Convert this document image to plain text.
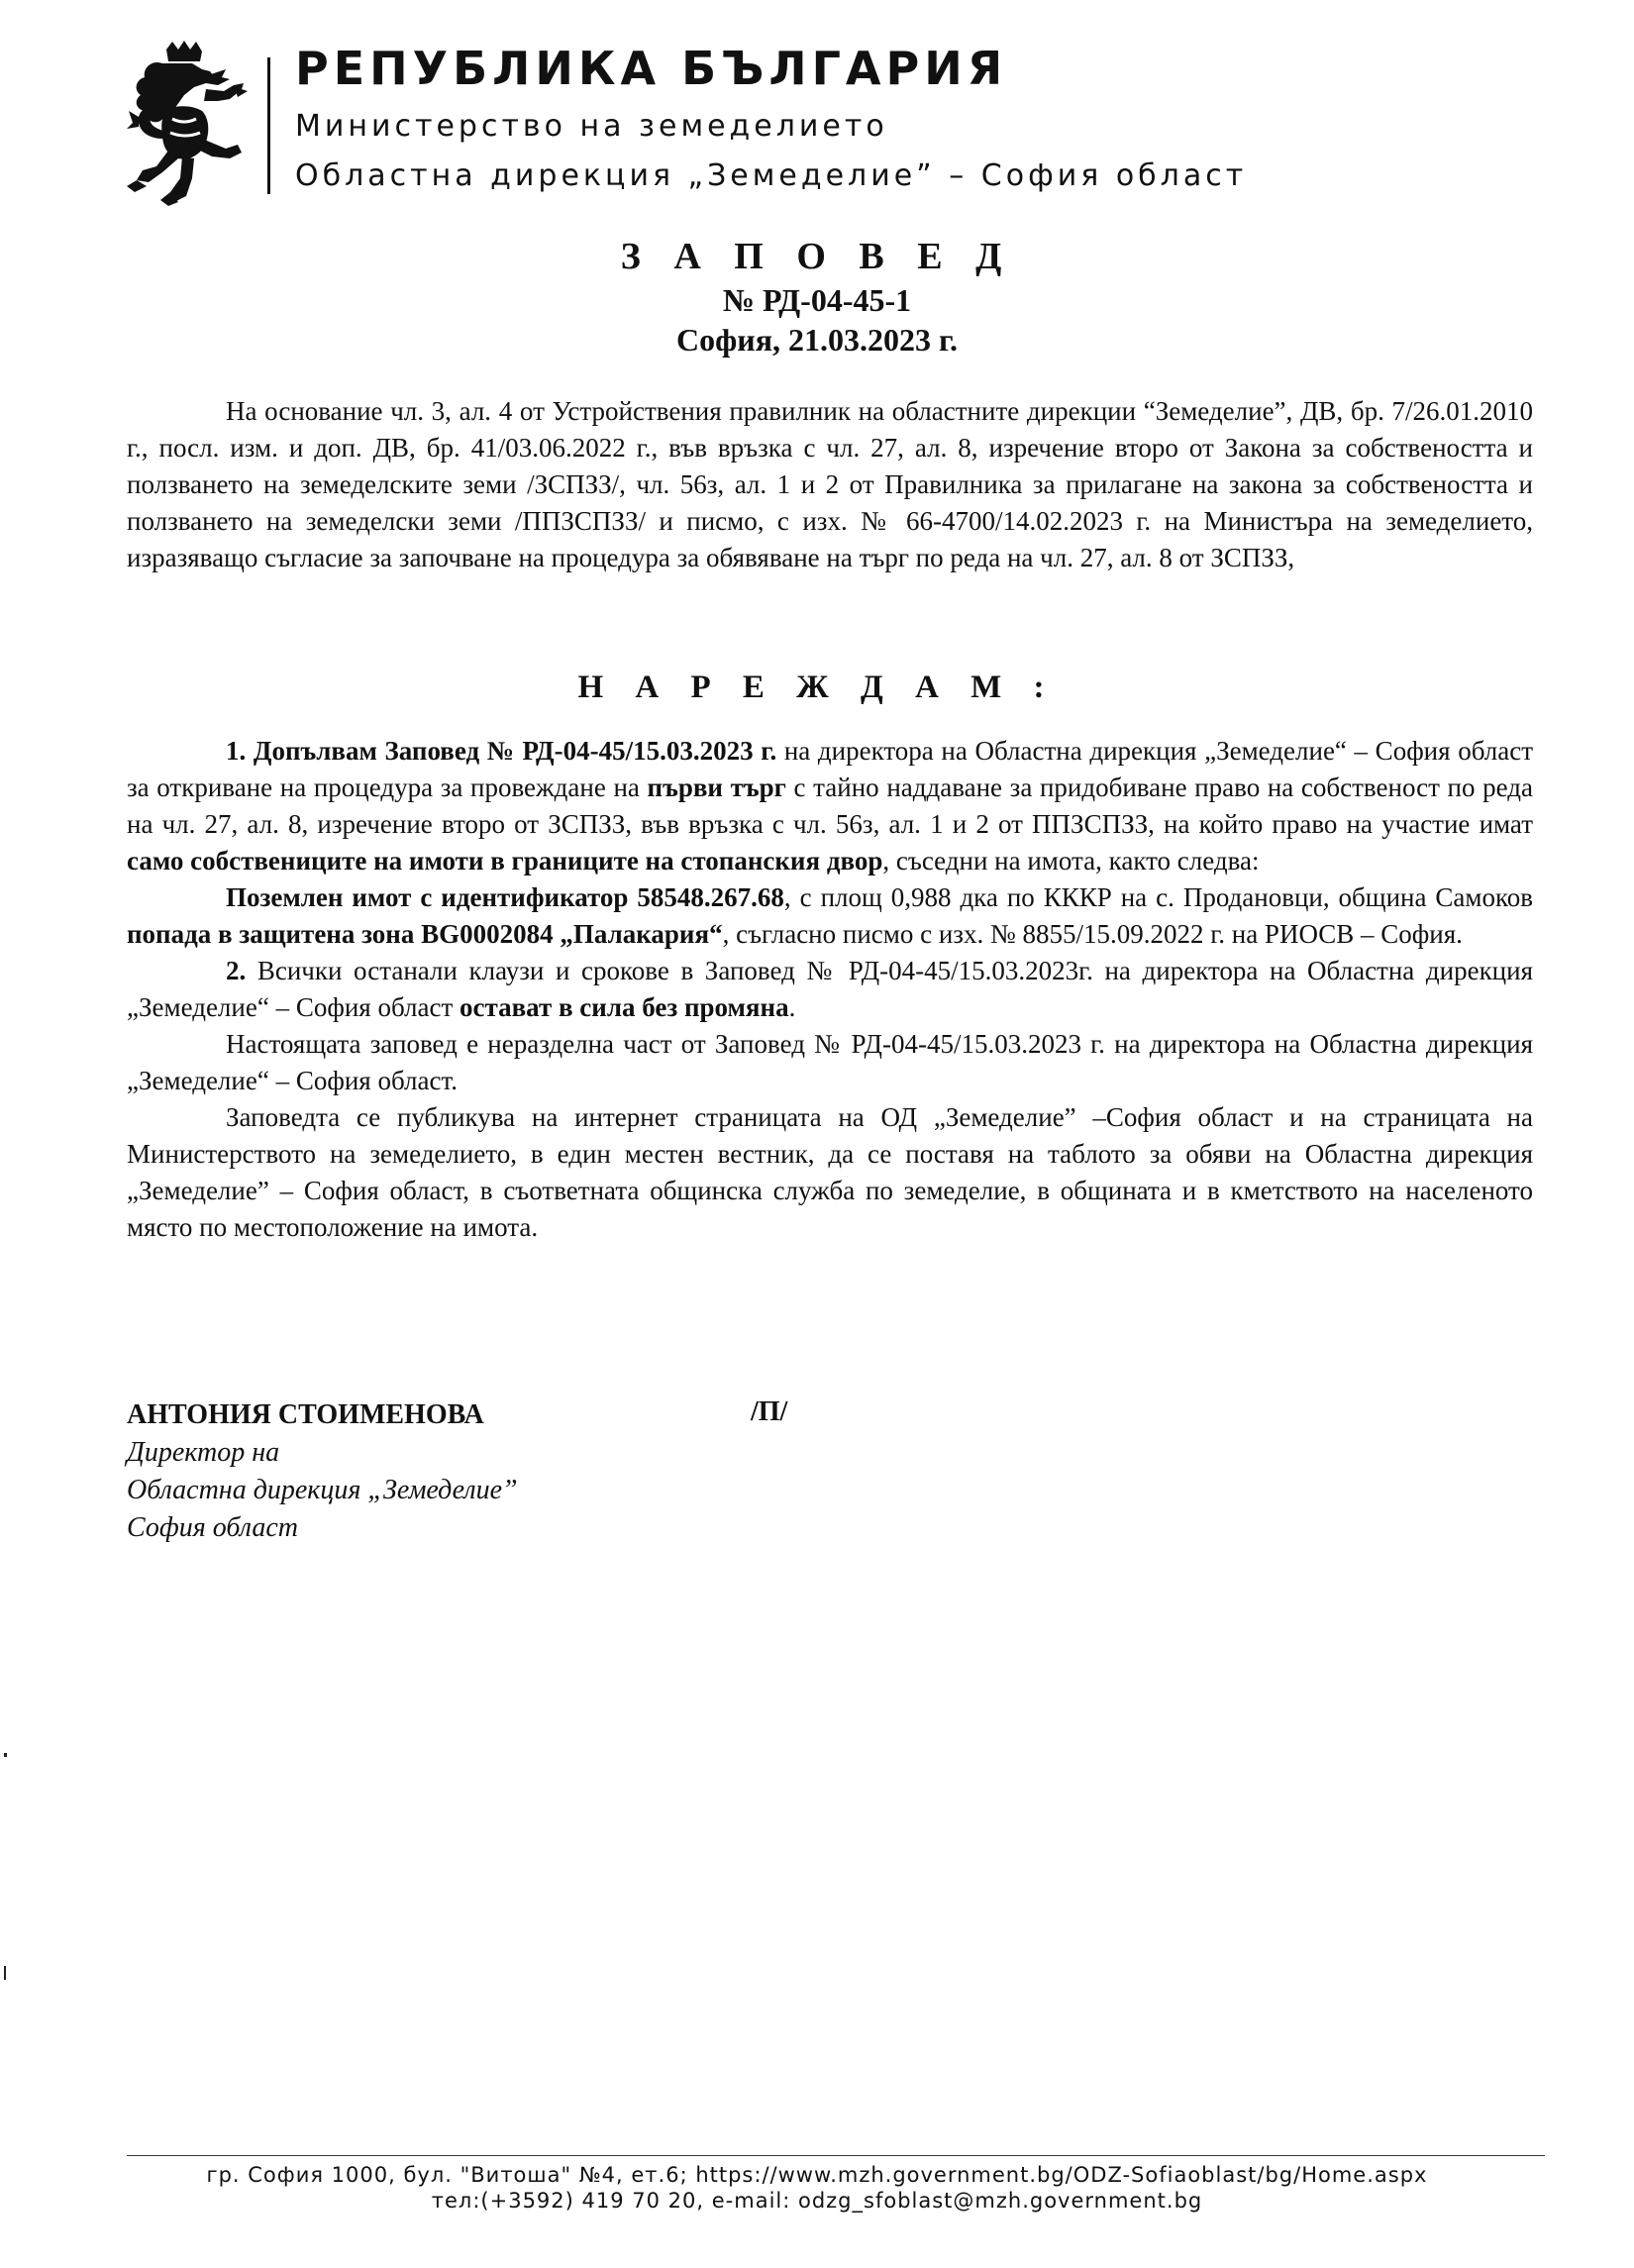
РЕПУБЛИКА БЪЛГАРИЯ
Министерство на земеделието
Областна дирекция „Земеделие” – София област
З А П О В Е Д
№ РД-04-45-1
София, 21.03.2023 г.

На основание чл. 3, ал. 4 от Устройствения правилник на областните дирекции “Земеделие”, ДВ, бр. 7/26.01.2010 г., посл. изм. и доп. ДВ, бр. 41/03.06.2022 г., във връзка с чл. 27, ал. 8, изречение второ от Закона за собствеността и ползването на земеделските земи /ЗСПЗЗ/, чл. 56з, ал. 1 и 2 от Правилника за прилагане на закона за собствеността и ползването на земеделски земи /ППЗСПЗЗ/ и писмо, с изх. № 66-4700/14.02.2023 г. на Министъра на земеделието, изразяващо съгласие за започване на процедура за обявяване на търг по реда на чл. 27, ал. 8 от ЗСПЗЗ,

Н А Р Е Ж Д А М :

1. Допълвам Заповед № РД-04-45/15.03.2023 г. на директора на Областна дирекция „Земеделие“ – София област за откриване на процедура за провеждане на първи търг с тайно наддаване за придобиване право на собственост по реда на чл. 27, ал. 8, изречение второ от ЗСПЗЗ, във връзка с чл. 56з, ал. 1 и 2 от ППЗСПЗЗ, на който право на участие имат само собствениците на имоти в границите на стопанския двор, съседни на имота, както следва:

Поземлен имот с идентификатор 58548.267.68, с площ 0,988 дка по КККР на с. Продановци, община Самоков попада в защитена зона BG0002084 „Палакария“, съгласно писмо с изх. № 8855/15.09.2022 г. на РИОСВ – София.

2. Всички останали клаузи и срокове в Заповед № РД-04-45/15.03.2023г. на директора на Областна дирекция „Земеделие“ – София област остават в сила без промяна.

Настоящата заповед е неразделна част от Заповед № РД-04-45/15.03.2023 г. на директора на Областна дирекция „Земеделие“ – София област.

Заповедта се публикува на интернет страницата на ОД „Земеделие” –София област и на страницата на Министерството на земеделието, в един местен вестник, да се поставя на таблото за обяви на Областна дирекция „Земеделие” – София област, в съответната общинска служба по земеделие, в общината и в кметството на населеното място по местоположение на имота.

АНТОНИЯ СТОИМЕНОВА
Директор на
Областна дирекция „Земеделие”
София област
/П/
гр. София 1000, бул. "Витоша" №4, ет.6; https://www.mzh.government.bg/ODZ-Sofiaoblast/bg/Home.aspx
тел:(+3592) 419 70 20, e-mail: odzg_sfoblast@mzh.government.bg
